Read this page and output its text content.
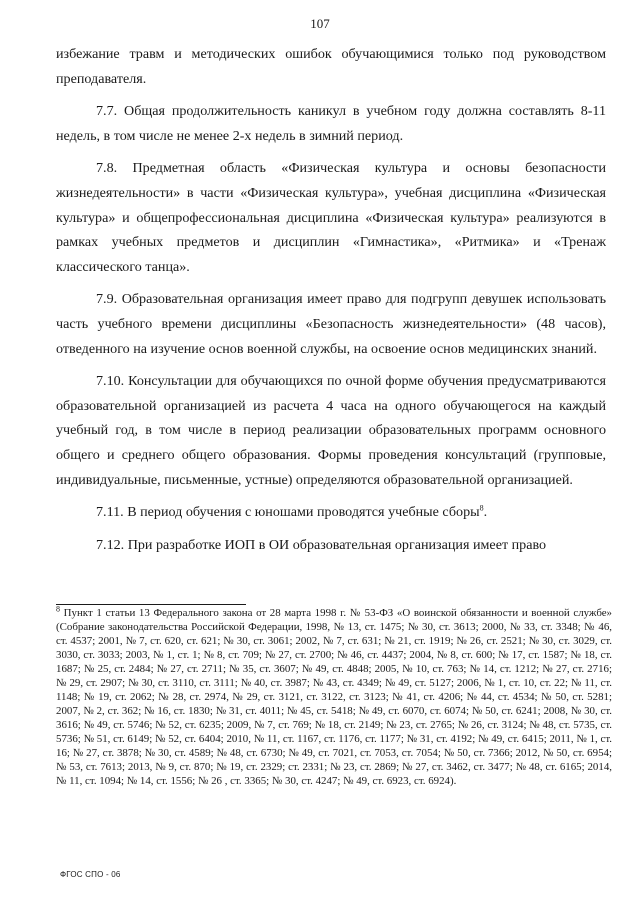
107

избежание травм и методических ошибок обучающимися только под руководством преподавателя.

7.7. Общая продолжительность каникул в учебном году должна составлять 8-11 недель, в том числе не менее 2-х недель в зимний период.

7.8. Предметная область «Физическая культура и основы безопасности жизнедеятельности» в части «Физическая культура», учебная дисциплина «Физическая культура» и общепрофессиональная дисциплина «Физическая культура» реализуются в рамках учебных предметов и дисциплин «Гимнастика», «Ритмика» и «Тренаж классического танца».

7.9. Образовательная организация имеет право для подгрупп девушек использовать часть учебного времени дисциплины «Безопасность жизнедеятельности» (48 часов), отведенного на изучение основ военной службы, на освоение основ медицинских знаний.

7.10. Консультации для обучающихся по очной форме обучения предусматриваются образовательной организацией из расчета 4 часа на одного обучающегося на каждый учебный год, в том числе в период реализации образовательных программ основного общего и среднего общего образования. Формы проведения консультаций (групповые, индивидуальные, письменные, устные) определяются образовательной организацией.

7.11. В период обучения с юношами проводятся учебные сборы$^8$.

7.12. При разработке ИОП в ОИ образовательная организация имеет право

$^8$ Пункт 1 статьи 13 Федерального закона от 28 марта 1998 г. № 53-ФЗ «О воинской обязанности и военной службе» (Собрание законодательства Российской Федерации, 1998, № 13, ст. 1475; № 30, ст. 3613; 2000, № 33, ст. 3348; № 46, ст. 4537; 2001, № 7, ст. 620, ст. 621; № 30, ст. 3061; 2002, № 7, ст. 631; № 21, ст. 1919; № 26, ст. 2521; № 30, ст. 3029, ст. 3030, ст. 3033; 2003, № 1, ст. 1; № 8, ст. 709; № 27, ст. 2700; № 46, ст. 4437; 2004, № 8, ст. 600; № 17, ст. 1587; № 18, ст. 1687; № 25, ст. 2484; № 27, ст. 2711; № 35, ст. 3607; № 49, ст. 4848; 2005, № 10, ст. 763; № 14, ст. 1212; № 27, ст. 2716; № 29, ст. 2907; № 30, ст. 3110, ст. 3111; № 40, ст. 3987; № 43, ст. 4349; № 49, ст. 5127; 2006, № 1, ст. 10, ст. 22; № 11, ст. 1148; № 19, ст. 2062; № 28, ст. 2974, № 29, ст. 3121, ст. 3122, ст. 3123; № 41, ст. 4206; № 44, ст. 4534; № 50, ст. 5281; 2007, № 2, ст. 362; № 16, ст. 1830; № 31, ст. 4011; № 45, ст. 5418; № 49, ст. 6070, ст. 6074; № 50, ст. 6241; 2008, № 30, ст. 3616; № 49, ст. 5746; № 52, ст. 6235; 2009, № 7, ст. 769; № 18, ст. 2149; № 23, ст. 2765; № 26, ст. 3124; № 48, ст. 5735, ст. 5736; № 51, ст. 6149; № 52, ст. 6404; 2010, № 11, ст. 1167, ст. 1176, ст. 1177; № 31, ст. 4192; № 49, ст. 6415; 2011, № 1, ст. 16; № 27, ст. 3878; № 30, ст. 4589; № 48, ст. 6730; № 49, ст. 7021, ст. 7053, ст. 7054; № 50, ст. 7366; 2012, № 50, ст. 6954; № 53, ст. 7613; 2013, № 9, ст. 870; № 19, ст. 2329; ст. 2331; № 23, ст. 2869; № 27, ст. 3462, ст. 3477; № 48, ст. 6165; 2014, № 11, ст. 1094; № 14, ст. 1556; № 26 , ст. 3365; № 30, ст. 4247; № 49, ст. 6923, ст. 6924).

ФГОС СПО - 06
